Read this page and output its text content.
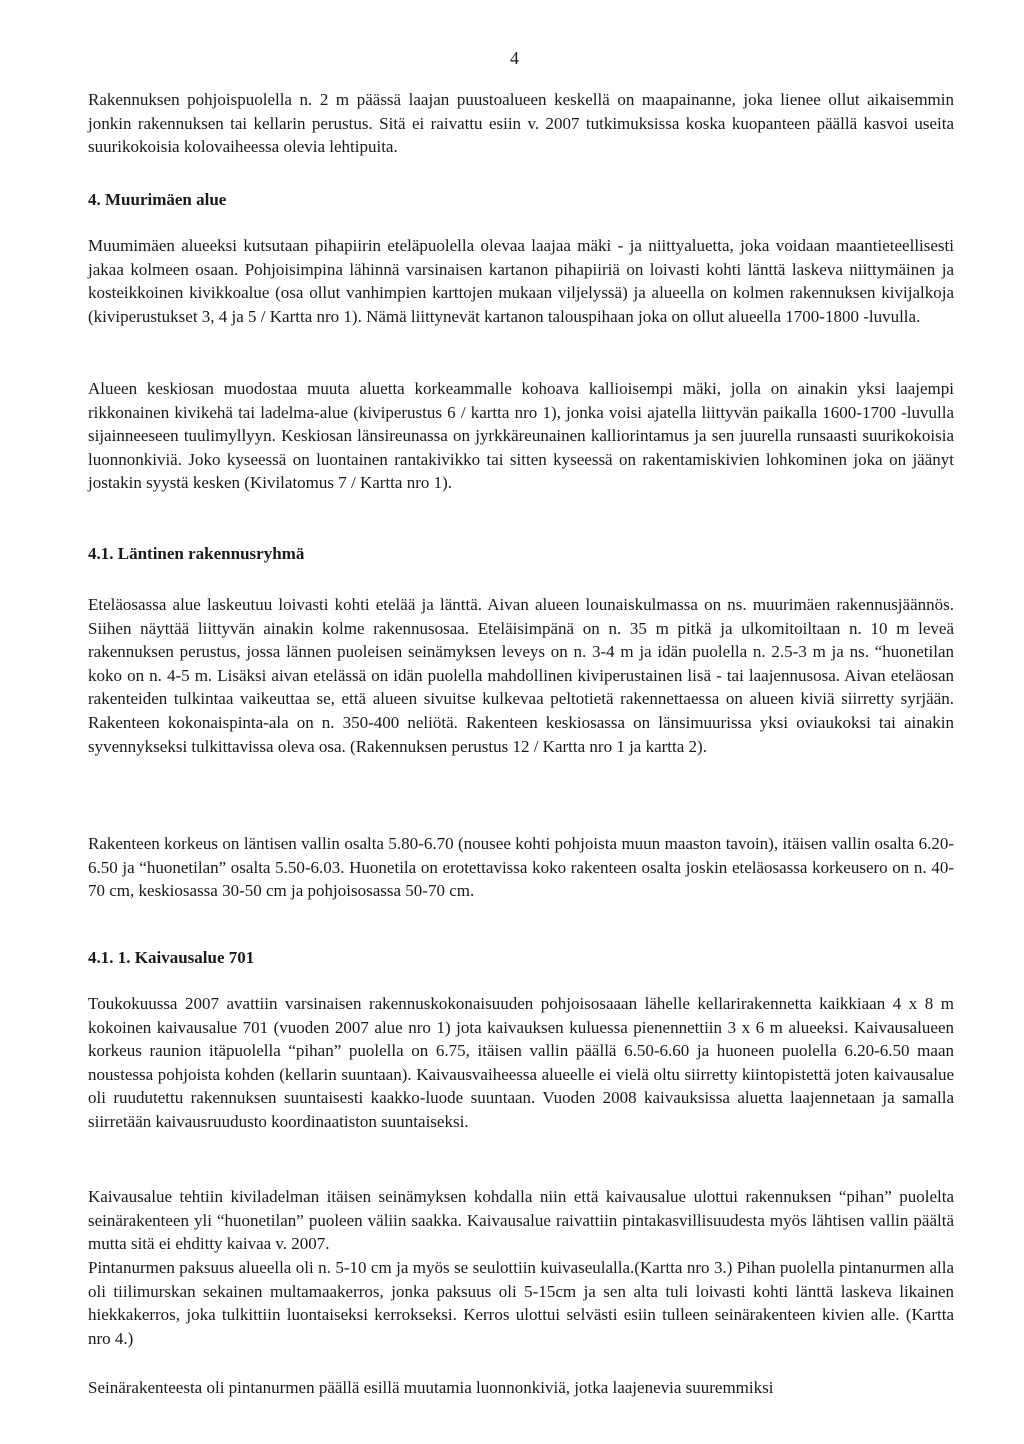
4

Rakennuksen pohjoispuolella n. 2 m päässä laajan puustoalueen keskellä on maapainanne, joka lienee ollut aikaisemmin jonkin rakennuksen tai kellarin perustus. Sitä ei raivattu esiin v. 2007 tutkimuksissa koska kuopanteen päällä kasvoi useita suurikokoisia kolovaiheessa olevia lehtipuita.

4. Muurimäen alue

Muumimäen alueeksi kutsutaan pihapiirin eteläpuolella olevaa laajaa mäki - ja niittyaluetta, joka voidaan maantieteellisesti jakaa kolmeen osaan. Pohjoisimpina lähinnä varsinaisen kartanon pihapiiriä on loivasti kohti länttä laskeva niittymäinen ja kosteikkoinen kivikkoalue (osa ollut vanhimpien karttojen mukaan viljelyssä) ja alueella on kolmen rakennuksen kivijalkoja (kiviperustukset 3, 4 ja 5 / Kartta nro 1). Nämä liittynevät kartanon talouspihaan joka on ollut alueella 1700-1800 -luvulla.

Alueen keskiosan muodostaa muuta aluetta korkeammalle kohoava kallioisempi mäki, jolla on ainakin yksi laajempi rikkonainen kivikehä tai ladelma-alue (kiviperustus 6 / kartta nro 1), jonka voisi ajatella liittyvän paikalla 1600-1700 -luvulla sijainneeseen tuulimyllyyn. Keskiosan länsireunassa on jyrkkäreunainen kalliorintamus ja sen juurella runsaasti suurikokoisia luonnonkiviä. Joko kyseessä on luontainen rantakivikko tai sitten kyseessä on rakentamiskivien lohkominen joka on jäänyt jostakin syystä kesken (Kivilatomus 7 / Kartta nro 1).

4.1. Läntinen rakennusryhmä

Eteläosassa alue laskeutuu loivasti kohti etelää ja länttä. Aivan alueen lounaiskulmassa on ns. muurimäen rakennusjäännös. Siihen näyttää liittyvän ainakin kolme rakennusosaa. Eteläisimpänä on n. 35 m pitkä ja ulkomitoiltaan n. 10 m leveä rakennuksen perustus, jossa lännen puoleisen seinämyksen leveys on n. 3-4 m ja idän puolella n. 2.5-3 m ja ns. “huonetilan koko on n. 4-5 m. Lisäksi aivan etelässä on idän puolella mahdollinen kiviperustainen lisä - tai laajennusosa. Aivan eteläosan rakenteiden tulkintaa vaikeuttaa se, että alueen sivuitse kulkevaa peltotietä rakennettaessa on alueen kiviä siirretty syrjään. Rakenteen kokonaispinta-ala on n. 350-400 neliötä. Rakenteen keskiosassa on länsimuurissa yksi oviaukoksi tai ainakin syvennykseksi tulkittavissa oleva osa. (Rakennuksen perustus 12 / Kartta nro 1 ja kartta 2).

Rakenteen korkeus on läntisen vallin osalta 5.80-6.70 (nousee kohti pohjoista muun maaston tavoin), itäisen vallin osalta 6.20-6.50 ja “huonetilan” osalta 5.50-6.03. Huonetila on erotettavissa koko rakenteen osalta joskin eteläosassa korkeusero on n. 40-70 cm, keskiosassa 30-50 cm ja pohjoisosassa 50-70 cm.

4.1. 1. Kaivausalue 701

Toukokuussa 2007 avattiin varsinaisen rakennuskokonaisuuden pohjoisosaaan lähelle kellarirakennetta kaikkiaan 4 x 8 m kokoinen kaivausalue 701 (vuoden 2007 alue nro 1) jota kaivauksen kuluessa pienennettiin 3 x 6 m alueeksi. Kaivausalueen korkeus raunion itäpuolella “pihan” puolella on 6.75, itäisen vallin päällä 6.50-6.60 ja huoneen puolella 6.20-6.50 maan noustessa pohjoista kohden (kellarin suuntaan). Kaivausvaiheessa alueelle ei vielä oltu siirretty kiintopistettä joten kaivausalue oli ruudutettu rakennuksen suuntaisesti kaakko-luode suuntaan. Vuoden 2008 kaivauksissa aluetta laajennetaan ja samalla siirretään kaivausruudusto koordinaatiston suuntaiseksi.

Kaivausalue tehtiin kiviladelman itäisen seinämyksen kohdalla niin että kaivausalue ulottui rakennuksen “pihan” puolelta seinärakenteen yli “huonetilan” puoleen väliin saakka. Kaivausalue raivattiin pintakasvillisuudesta myös lähtisen vallin päältä mutta sitä ei ehditty kaivaa v. 2007.

Pintanurmen paksuus alueella oli n. 5-10 cm ja myös se seulottiin kuivaseulalla.(Kartta nro 3.) Pihan puolella pintanurmen alla oli tiilimurskan sekainen multamaakerros, jonka paksuus oli 5-15cm ja sen alta tuli loivasti kohti länttä laskeva likainen hiekkakerros, joka tulkittiin luontaiseksi kerrokseksi. Kerros ulottui selvästi esiin tulleen seinärakenteen kivien alle. (Kartta nro 4.)

Seinärakenteesta oli pintanurmen päällä esillä muutamia luonnonkiviä, jotka laajenevia suuremmiksi
